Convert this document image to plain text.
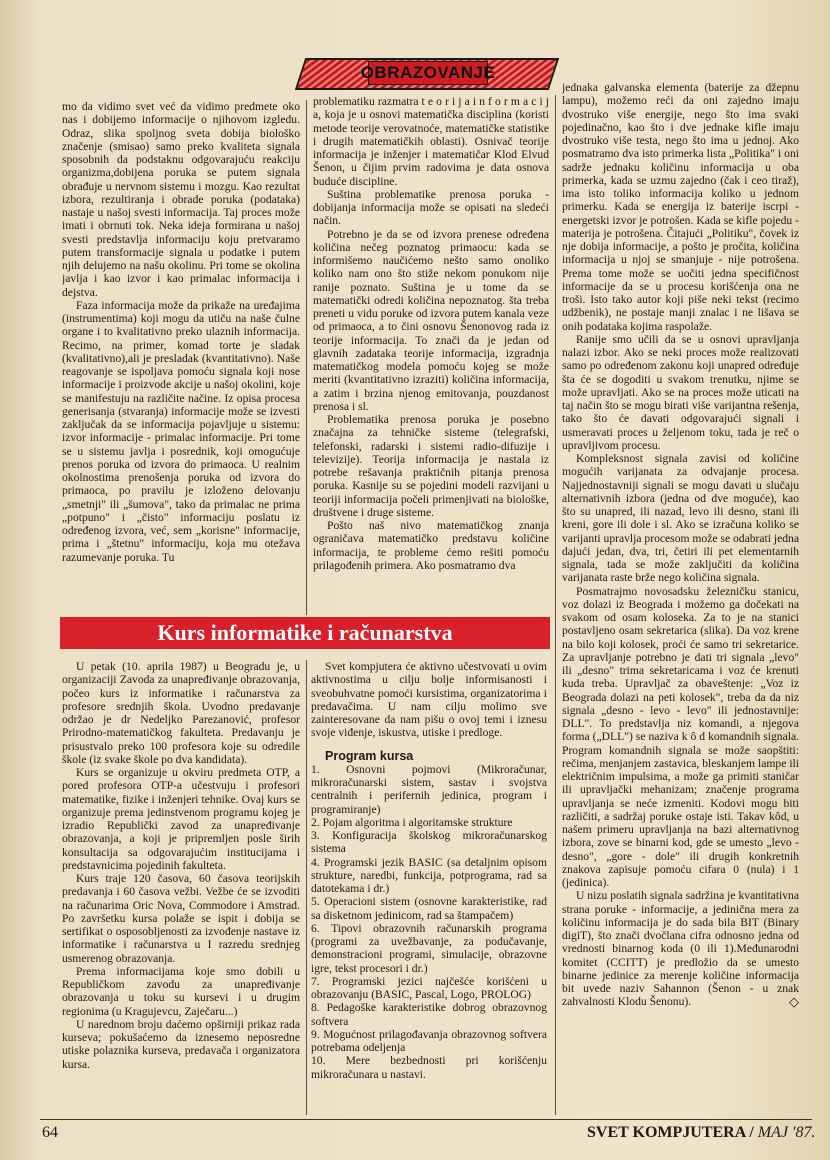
OBRAZOVANJE

mo da vidimo svet već da vidimo predmete oko nas i dobijemo informacije o njihovom izgledu. Odraz, slika spoljnog sveta dobija biološko značenje (smisao) samo preko kvaliteta signala sposobnih da podstaknu odgovarajuću reakciju organizma,dobijena poruka se putem signala obrađuje u nervnom sistemu i mozgu. Kao rezultat izbora, rezultiranja i obrade poruka (podataka) nastaje u našoj svesti informacija. Taj proces može imati i obrnuti tok. Neka ideja formirana u našoj svesti predstavlja informaciju koju pretvaramo putem transformacije signala u podatke i putem njih delujemo na našu okolinu. Pri tome se okolina javlja i kao izvor i kao primalac informacija i dejstva.

Faza informacija može da prikaže na uređajima (instrumentima) koji mogu da utiču na naše čulne organe i to kvalitativno preko ulaznih informacija. Recimo, na primer, komad torte je sladak (kvalitativno),ali je presladak (kvantitativno). Naše reagovanje se ispoljava pomoću signala koji nose informacije i proizvode akcije u našoj okolini, koje se manifestuju na različite načine. Iz opisa procesa generisanja (stvaranja) informacije može se izvesti zaključak da se informacija pojavljuje u sistemu: izvor informacije - primalac informacije. Pri tome se u sistemu javlja i posrednik, koji omogućuje prenos poruka od izvora do primaoca. U realnim okolnostima prenošenja poruka od izvora do primaoca, po pravilu je izloženo delovanju „smetnji" ili „šumova", tako da primalac ne prima „potpuno" i „čisto" informaciju poslatu iz određenog izvora, već, sem „korisne" informacije, prima i „štetnu" informaciju, koja mu otežava razumevanje poruka. Tu

problematiku razmatra t e o r i j a i n f o r m a c i j a, koja je u osnovi matematička disciplina (koristi metode teorije verovatnoće, matematičke statistike i drugih matematičkih oblasti). Osnivač teorije informacija je inženjer i matematičar Klod Elvud Šenon, u čijim prvim radovima je data osnova buduće discipline.

Suština problematike prenosa poruka - dobijanja informacija može se opisati na sledeći način.

Potrebno je da se od izvora prenese određena količina nečeg poznatog primaocu: kada se informišemo naučićemo nešto samo onoliko koliko nam ono što stiže nekom ponukom nije ranije poznato. Suština je u tome da se matematički odredi količina nepoznatog. šta treba preneti u vidu poruke od izvora putem kanala veze od primaoca, a to čini osnovu Šenonovog rada iz teorije informacija. To znači da je jedan od glavnih zadataka teorije informacija, izgradnja matematičkog modela pomoću kojeg se može meriti (kvantitativno izraziti) količina informacija, a zatim i brzina njenog emitovanja, pouzdanost prenosa i sl.

Problematika prenosa poruka je posebno značajna za tehničke sisteme (telegrafski, telefonski, radarski i sistemi radio-difuzije i televizije). Teorija informacija je nastala iz potrebe rešavanja praktičnih pitanja prenosa poruka. Kasnije su se pojedini modeli razvijani u teoriji informacija počeli primenjivati na biološke, društvene i druge sisteme.

Pošto naš nivo matematičkog znanja ograničava matematičko predstavu količine informacija, te probleme ćemo rešiti pomoću prilagođenih primera. Ako posmatramo dva

jednaka galvanska elementa (baterije za džepnu lampu), možemo reći da oni zajedno imaju dvostruko više energije, nego što ima svaki pojedinačno, kao što i dve jednake kifle imaju dvostruko više testa, nego što ima u jednoj. Ako posmatramo dva isto primerka lista „Politika" i oni sadrže jednaku količinu informacija u oba primerka, kada se uzmu zajedno (čak i ceo tiraž), ima isto toliko informacija koliko u jednom primerku. Kada se energija iz baterije iscrpi - energetski izvor je potrošen. Kada se kifle pojedu - materija je potrošena. Čitajući „Politiku", čovek iz nje dobija informacije, a pošto je pročita, količina informacija u njoj se smanjuje - nije potrošena. Prema tome može se uočiti jedna specifičnost informacije da se u procesu korišćenja ona ne troši. Isto tako autor koji piše neki tekst (recimo udžbenik), ne postaje manji znalac i ne lišava se onih podataka kojima raspolaže.

Ranije smo učili da se u osnovi upravljanja nalazi izbor. Ako se neki proces može realizovati samo po određenom zakonu koji unapred određuje šta će se dogoditi u svakom trenutku, njime se može upravljati. Ako se na proces može uticati na taj način što se mogu birati više varijantna rešenja, tako što će davati odgovarajući signali i usmeravati proces u željenom toku, tada je reč o upravljivom procesu.

Kompleksnost signala zavisi od količine mogućih varijanata za odvajanje procesa. Najjednostavniji signali se mogu davati u slučaju alternativnih izbora (jedna od dve moguće), kao što su unapred, ili nazad, levo ili desno, stani ili kreni, gore ili dole i sl. Ako se izračuna koliko se varijanti upravlja procesom može se odabrati jedna dajući jedan, dva, tri, četiri ili pet elementarnih signala, tada se može zaključiti da količina varijanata raste brže nego količina signala.

Posmatrajmo novosadsku železničku stanicu, voz dolazi iz Beograda i možemo ga dočekati na svakom od osam koloseka. Za to je na stanici postavljeno osam sekretarica (slika). Da voz krene na bilo koji kolosek, proći će samo tri sekretarice. Za upravljanje potrebno je dati tri signala „levo" ili „desno" trima sekretaricama i voz će krenuti kuda treba. Upravljač za obaveštenje: „Voz iz Beograda dolazi na peti kolosek", treba da da niz signala „desno - levo - levo" ili jednostavnije: DLL". To predstavlja niz komandi, a njegova forma („DLL") se naziva k ô d komandnih signala. Program komandnih signala se može saopštiti: rečima, menjanjem zastavica, bleskanjem lampe ili električnim impulsima, a može ga primiti staničar ili upravljački mehanizam; značenje programa upravljanja se neće izmeniti. Kodovi mogu biti različiti, a sadržaj poruke ostaje isti. Takav kôd, u našem primeru upravljanja na bazi alternativnog izbora, zove se binarni kod, gde se umesto „levo - desno", „gore - dole" ili drugih konkretnih znakova zapisuje pomoću cifara 0 (nula) i 1 (jedinica).

U nizu poslatih signala sadržina je kvantitativna strana poruke - informacije, a jedinična mera za količinu informacija je do sada bila BIT (Binary digiT), što znači dvočlana cifra odnosno jedna od vrednosti binarnog koda (0 ili 1).Međunarodni komitet (CCITT) je predložio da se umesto binarne jedinice za merenje količine informacija bit uvede naziv Sahannon (Šenon - u znak zahvalnosti Klodu Šenonu).	◇

Kurs informatike i računarstva

U petak (10. aprila 1987) u Beogradu je, u organizaciji Zavoda za unapređivanje obrazovanja, počeo kurs iz informatike i računarstva za profesore srednjih škola. Uvodno predavanje održao je dr Nedeljko Parezanović, profesor Prirodno-matematičkog fakulteta. Predavanju je prisustvalo preko 100 profesora koje su odredile škole (iz svake škole po dva kandidata).

Kurs se organizuje u okviru predmeta OTP, a pored profesora OTP-a učestvuju i profesori matematike, fizike i inženjeri tehnike. Ovaj kurs se organizuje prema jedinstvenom programu kojeg je izradio Republički zavod za unapređivanje obrazovanja, a koji je pripremljen posle širih konsultacija sa odgovarajućim institucijama i predstavnicima pojedinih fakulteta.

Kurs traje 120 časova, 60 časova teorijskih predavanja i 60 časova vežbi. Vežbe će se izvoditi na računarima Oric Nova, Commodore i Amstrad. Po završetku kursa polaže se ispit i dobija se sertifikat o osposobljenosti za izvođenje nastave iz informatike i računarstva u I razredu srednjeg usmerenog obrazovanja.

Prema informacijama koje smo dobili u Republičkom zavodu za unapređivanje obrazovanja u toku su kursevi i u drugim regionima (u Kragujevcu, Zaječaru...)

U narednom broju daćemo opširniji prikaz rada kurseva; pokušaćemo da iznesemo neposredne utiske polaznika kurseva, predavača i organizatora kursa.

Svet kompjutera će aktivno učestvovati u ovim aktivnostima u cilju bolje informisanosti i sveobuhvatne pomoći kursistima, organizatorima i predavačima. U nam cilju molimo sve zainteresovane da nam pišu o ovoj temi i iznesu svoje viđenje, iskustva, utiske i predloge.

Program kursa

1. Osnovni pojmovi (Mikroračunar, mikroračunarski sistem, sastav i svojstva centralnih i perifernih jedinica, program i programiranje)

2. Pojam algoritma i algoritamske strukture

3. Konfiguracija školskog mikroračunarskog sistema

4. Programski jezik BASIC (sa detaljnim opisom strukture, naredbi, funkcija, potprograma, rad sa datotekama i dr.)

5. Operacioni sistem (osnovne karakteristike, rad sa disketnom jedinicom, rad sa štampačem)

6. Tipovi obrazovnih računarskih programa (programi za uvežbavanje, za podučavanje, demonstracioni programi, simulacije, obrazovne igre, tekst procesori i dr.)

7. Programski jezici najčešće korišćeni u obrazovanju (BASIC, Pascal, Logo, PROLOG)

8. Pedagoške karakteristike dobrog obrazovnog softvera

9. Mogućnost prilagođavanja obrazovnog softvera potrebama odeljenja

10. Mere bezbednosti pri korišćenju mikroračunara u nastavi.

64	SVET KOMPJUTERA / MAJ '87.
